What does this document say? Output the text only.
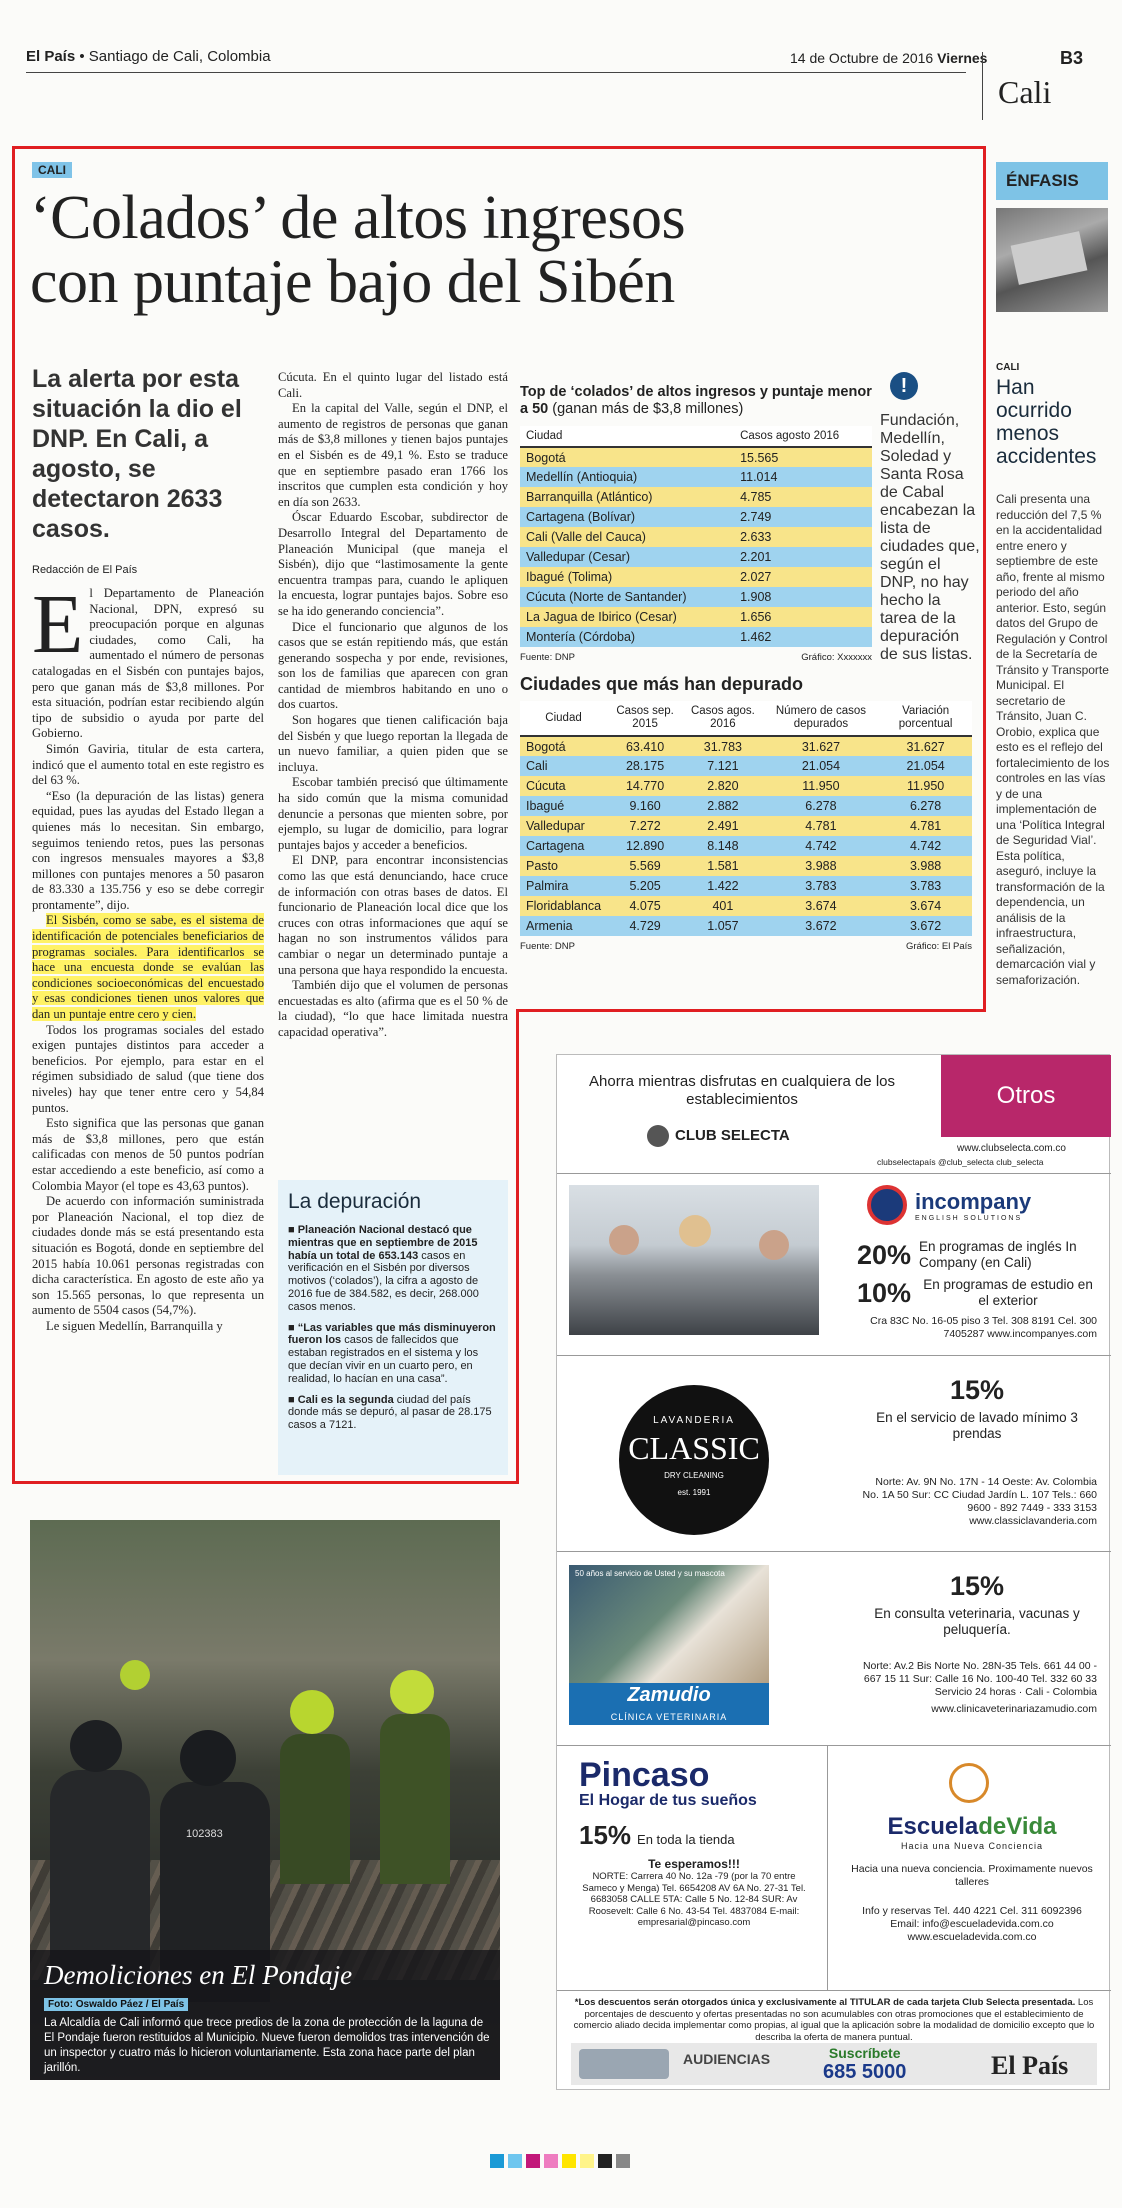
El País • Santiago de Cali, Colombia	14 de Octubre de 2016 Viernes	B3
Cali
CALI
‘Colados’ de altos ingresos
con puntaje bajo del Sibén
La alerta por esta situación la dio el DNP. En Cali, a agosto, se detectaron 2633 casos.
Redacción de El País

El Departamento de Planeación Nacional, DPN, expresó su preocupación porque en algunas ciudades, como Cali, ha aumentado el número de personas catalogadas en el Sisbén con puntajes bajos, pero que ganan más de $3,8 millones. Por esta situación, podrían estar recibiendo algún tipo de subsidio o ayuda por parte del Gobierno.

Simón Gaviria, titular de esta cartera, indicó que el aumento total en este registro es del 63 %.

“Eso (la depuración de las listas) genera equidad, pues las ayudas del Estado llegan a quienes más lo necesitan. Sin embargo, seguimos teniendo retos, pues las personas con ingresos mensuales mayores a $3,8 millones con puntajes menores a 50 pasaron de 83.330 a 135.756 y eso se debe corregir prontamente”, dijo.

El Sisbén, como se sabe, es el sistema de identificación de potenciales beneficiarios de programas sociales. Para identificarlos se hace una encuesta donde se evalúan las condiciones socioeconómicas del encuestado y esas condiciones tienen unos valores que dan un puntaje entre cero y cien.

Todos los programas sociales del estado exigen puntajes distintos para acceder a beneficios. Por ejemplo, para estar en el régimen subsidiado de salud (que tiene dos niveles) hay que tener entre cero y 54,84 puntos.

Esto significa que las personas que ganan más de $3,8 millones, pero que están calificadas con menos de 50 puntos podrían estar accediendo a este beneficio, así como a Colombia Mayor (el tope es 43,63 puntos).

De acuerdo con información suministrada por Planeación Nacional, el top diez de ciudades donde más se está presentando esta situación es Bogotá, donde en septiembre del 2015 había 10.061 personas registradas con dicha característica. En agosto de este año ya son 15.565 personas, lo que representa un aumento de 5504 casos (54,7%).

Le siguen Medellín, Barranquilla y

Cúcuta. En el quinto lugar del listado está Cali.

En la capital del Valle, según el DNP, el aumento de registros de personas que ganan más de $3,8 millones y tienen bajos puntajes en el Sisbén es de 49,1 %. Esto se traduce que en septiembre pasado eran 1766 los inscritos que cumplen esta condición y hoy en día son 2633.

Óscar Eduardo Escobar, subdirector de Desarrollo Integral del Departamento de Planeación Municipal (que maneja el Sisbén), dijo que “lastimosamente la gente encuentra trampas para, cuando le apliquen la encuesta, lograr puntajes bajos. Sobre eso se ha ido generando conciencia”.

Dice el funcionario que algunos de los casos que se están repitiendo más, que están generando sospecha y por ende, revisiones, son los de familias que aparecen con gran cantidad de miembros habitando en uno o dos cuartos.

Son hogares que tienen calificación baja del Sisbén y que luego reportan la llegada de un nuevo familiar, a quien piden que se incluya.

Escobar también precisó que últimamente ha sido común que la misma comunidad denuncie a personas que mienten sobre, por ejemplo, su lugar de domicilio, para lograr puntajes bajos y acceder a beneficios.

El DNP, para encontrar inconsistencias como las que está denunciando, hace cruce de información con otras bases de datos. El funcionario de Planeación local dice que los cruces con otras informaciones que aquí se hagan no son instrumentos válidos para cambiar o negar un determinado puntaje a una persona que haya respondido la encuesta.

También dijo que el volumen de personas encuestadas es alto (afirma que es el 50 % de la ciudad), “lo que hace limitada nuestra capacidad operativa”.

Top de ‘colados’ de altos ingresos y puntaje menor a 50 (ganan más de $3,8 millones)
Ciudad	Casos agosto 2016
Bogotá	15.565
Medellín (Antioquia)	11.014
Barranquilla (Atlántico)	4.785
Cartagena (Bolívar)	2.749
Cali (Valle del Cauca)	2.633
Valledupar (Cesar)	2.201
Ibagué (Tolima)	2.027
Cúcuta (Norte de Santander)	1.908
La Jagua de Ibirico (Cesar)	1.656
Montería (Córdoba)	1.462
Fuente: DNP	Gráfico: Xxxxxxx
!
Fundación, Medellín, Soledad y Santa Rosa de Cabal encabezan la lista de ciudades que, según el DNP, no hay hecho la tarea de la depuración de sus listas.
Ciudades que más han depurado
Ciudad	Casos sep. 2015	Casos agos. 2016	Número de casos depurados	Variación porcentual
Bogotá	63.410	31.783	31.627	31.627
Cali	28.175	7.121	21.054	21.054
Cúcuta	14.770	2.820	11.950	11.950
Ibagué	9.160	2.882	6.278	6.278
Valledupar	7.272	2.491	4.781	4.781
Cartagena	12.890	8.148	4.742	4.742
Pasto	5.569	1.581	3.988	3.988
Palmira	5.205	1.422	3.783	3.783
Floridablanca	4.075	401	3.674	3.674
Armenia	4.729	1.057	3.672	3.672
Fuente: DNP	Gráfico: El País
La depuración

■ Planeación Nacional destacó que mientras que en septiembre de 2015 había un total de 653.143 casos en verificación en el Sisbén por diversos motivos (‘colados’), la cifra a agosto de 2016 fue de 384.582, es decir, 268.000 casos menos.

■ “Las variables que más disminuyeron fueron los casos de fallecidos que estaban registrados en el sistema y los que decían vivir en un cuarto pero, en realidad, lo hacían en una casa”.

■ Cali es la segunda ciudad del país donde más se depuró, al pasar de 28.175 casos a 7121.

ÉNFASIS
CALI
Han ocurrido menos accidentes
Cali presenta una reducción del 7,5 % en la accidentalidad entre enero y septiembre de este año, frente al mismo periodo del año anterior. Esto, según datos del Grupo de Regulación y Control de la Secretaría de Tránsito y Transporte Municipal. El secretario de Tránsito, Juan C. Orobio, explica que esto es el reflejo del fortalecimiento de los controles en las vías y de una implementación de una ‘Política Integral de Seguridad Vial’. Esta política, aseguró, incluye la transformación de la dependencia, un análisis de la infraestructura, señalización, demarcación vial y semaforización.
102383
Demoliciones en El Pondaje
Foto: Oswaldo Páez / El País
La Alcaldía de Cali informó que trece predios de la zona de protección de la laguna de El Pondaje fueron restituidos al Municipio. Nueve fueron demolidos tras intervención de un inspector y cuatro más lo hicieron voluntariamente. Esta zona hace parte del plan jarillón.
Ahorra mientras disfrutas en cualquiera de los establecimientos	Otros
CLUB SELECTA
www.clubselecta.com.co
clubselectapaís @club_selecta club_selecta
incompany
ENGLISH SOLUTIONS
20% En programas de inglés In Company (en Cali)
10% En programas de estudio en el exterior
Cra 83C No. 16-05 piso 3 Tel. 308 8191 Cel. 300 7405287 www.incompanyes.com
LAVANDERIA
CLASSIC
DRY CLEANING
est. 1991
15%
En el servicio de lavado mínimo 3 prendas
Norte: Av. 9N No. 17N - 14 Oeste: Av. Colombia No. 1A 50 Sur: CC Ciudad Jardín L. 107 Tels.: 660 9600 - 892 7449 - 333 3153 www.classiclavanderia.com
50 años al servicio de Usted y su mascota
Zamudio
CLÍNICA VETERINARIA
15%
En consulta veterinaria, vacunas y peluquería.
Norte: Av.2 Bis Norte No. 28N-35 Tels. 661 44 00 - 667 15 11 Sur: Calle 16 No. 100-40 Tel. 332 60 33 Servicio 24 horas · Cali - Colombia
www.clinicaveterinariazamudio.com
Pincaso
El Hogar de tus sueños
15% En toda la tienda
Te esperamos!!!
NORTE: Carrera 40 No. 12a -79 (por la 70 entre Sameco y Menga) Tel. 6654208 AV 6A No. 27-31 Tel. 6683058 CALLE 5TA: Calle 5 No. 12-84 SUR: Av Roosevelt: Calle 6 No. 43-54 Tel. 4837084 E-mail: empresarial@pincaso.com
EscueladeVida
Hacia una Nueva Conciencia
Hacia una nueva conciencia. Proximamente nuevos talleres
Info y reservas Tel. 440 4221 Cel. 311 6092396 Email: info@escueladevida.com.co www.escueladevida.com.co
*Los descuentos serán otorgados única y exclusivamente al TITULAR de cada tarjeta Club Selecta presentada. Los porcentajes de descuento y ofertas presentadas no son acumulables con otras promociones que el establecimiento de comercio aliado decida implementar como propias, al igual que la aplicación sobre la modalidad de domicilio excepto que lo describa la oferta de manera puntual.
AUDIENCIAS	Suscríbete
685 5000	El País
